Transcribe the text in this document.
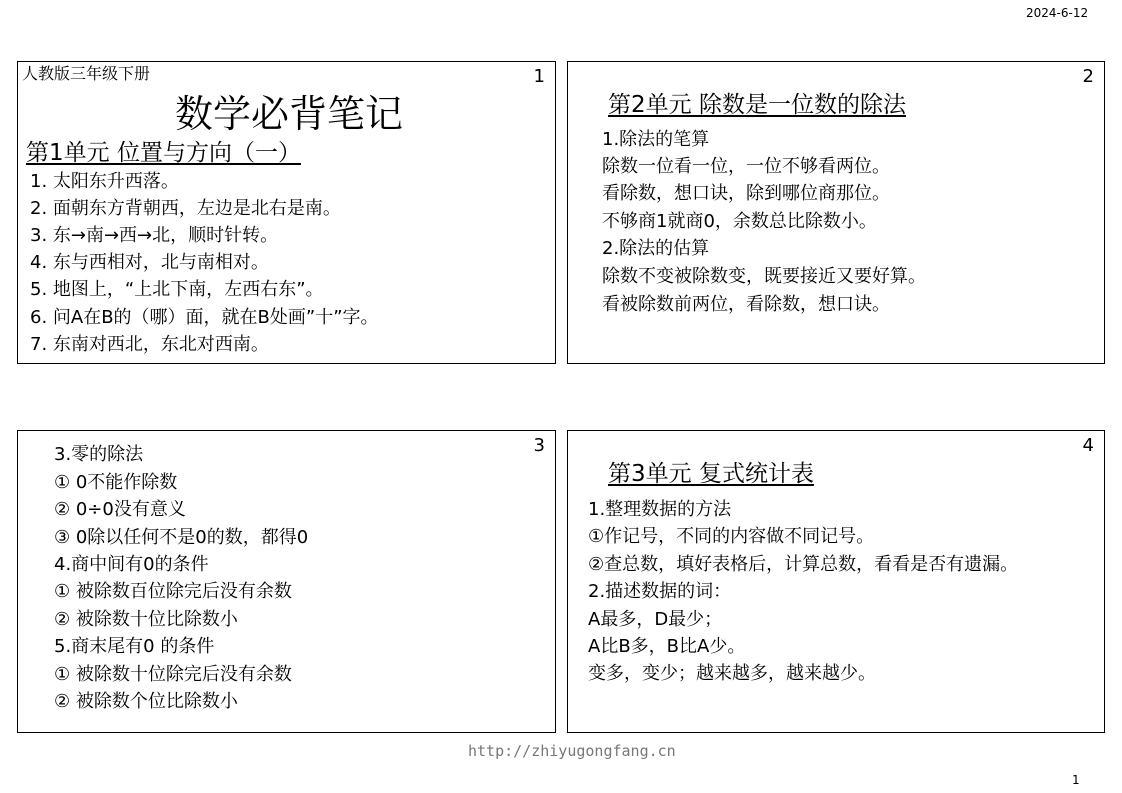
2024-6-12
1
人教版三年级下册
数学必背笔记
第1单元 位置与方向（一）
1. 太阳东升西落。
2. 面朝东方背朝西，左边是北右是南。
3. 东→南→西→北，顺时针转。
4. 东与西相对，北与南相对。
5. 地图上，“上北下南，左西右东”。
6. 问A在B的（哪）面，就在B处画”十”字。
7. 东南对西北，东北对西南。
2
第2单元 除数是一位数的除法
1.除法的笔算
除数一位看一位，一位不够看两位。
看除数，想口诀，除到哪位商那位。
不够商1就商0，余数总比除数小。
2.除法的估算
除数不变被除数变，既要接近又要好算。
看被除数前两位，看除数，想口诀。
3
3.零的除法
① 0不能作除数
② 0÷0没有意义
③ 0除以任何不是0的数，都得0
4.商中间有0的条件
① 被除数百位除完后没有余数
② 被除数十位比除数小
5.商末尾有0 的条件
① 被除数十位除完后没有余数
② 被除数个位比除数小
4
第3单元 复式统计表
1.整理数据的方法
①作记号，不同的内容做不同记号。
②查总数，填好表格后，计算总数，看看是否有遗漏。
2.描述数据的词：
A最多，D最少；
A比B多，B比A少。
变多，变少；越来越多，越来越少。
http://zhiyugongfang.cn
1
